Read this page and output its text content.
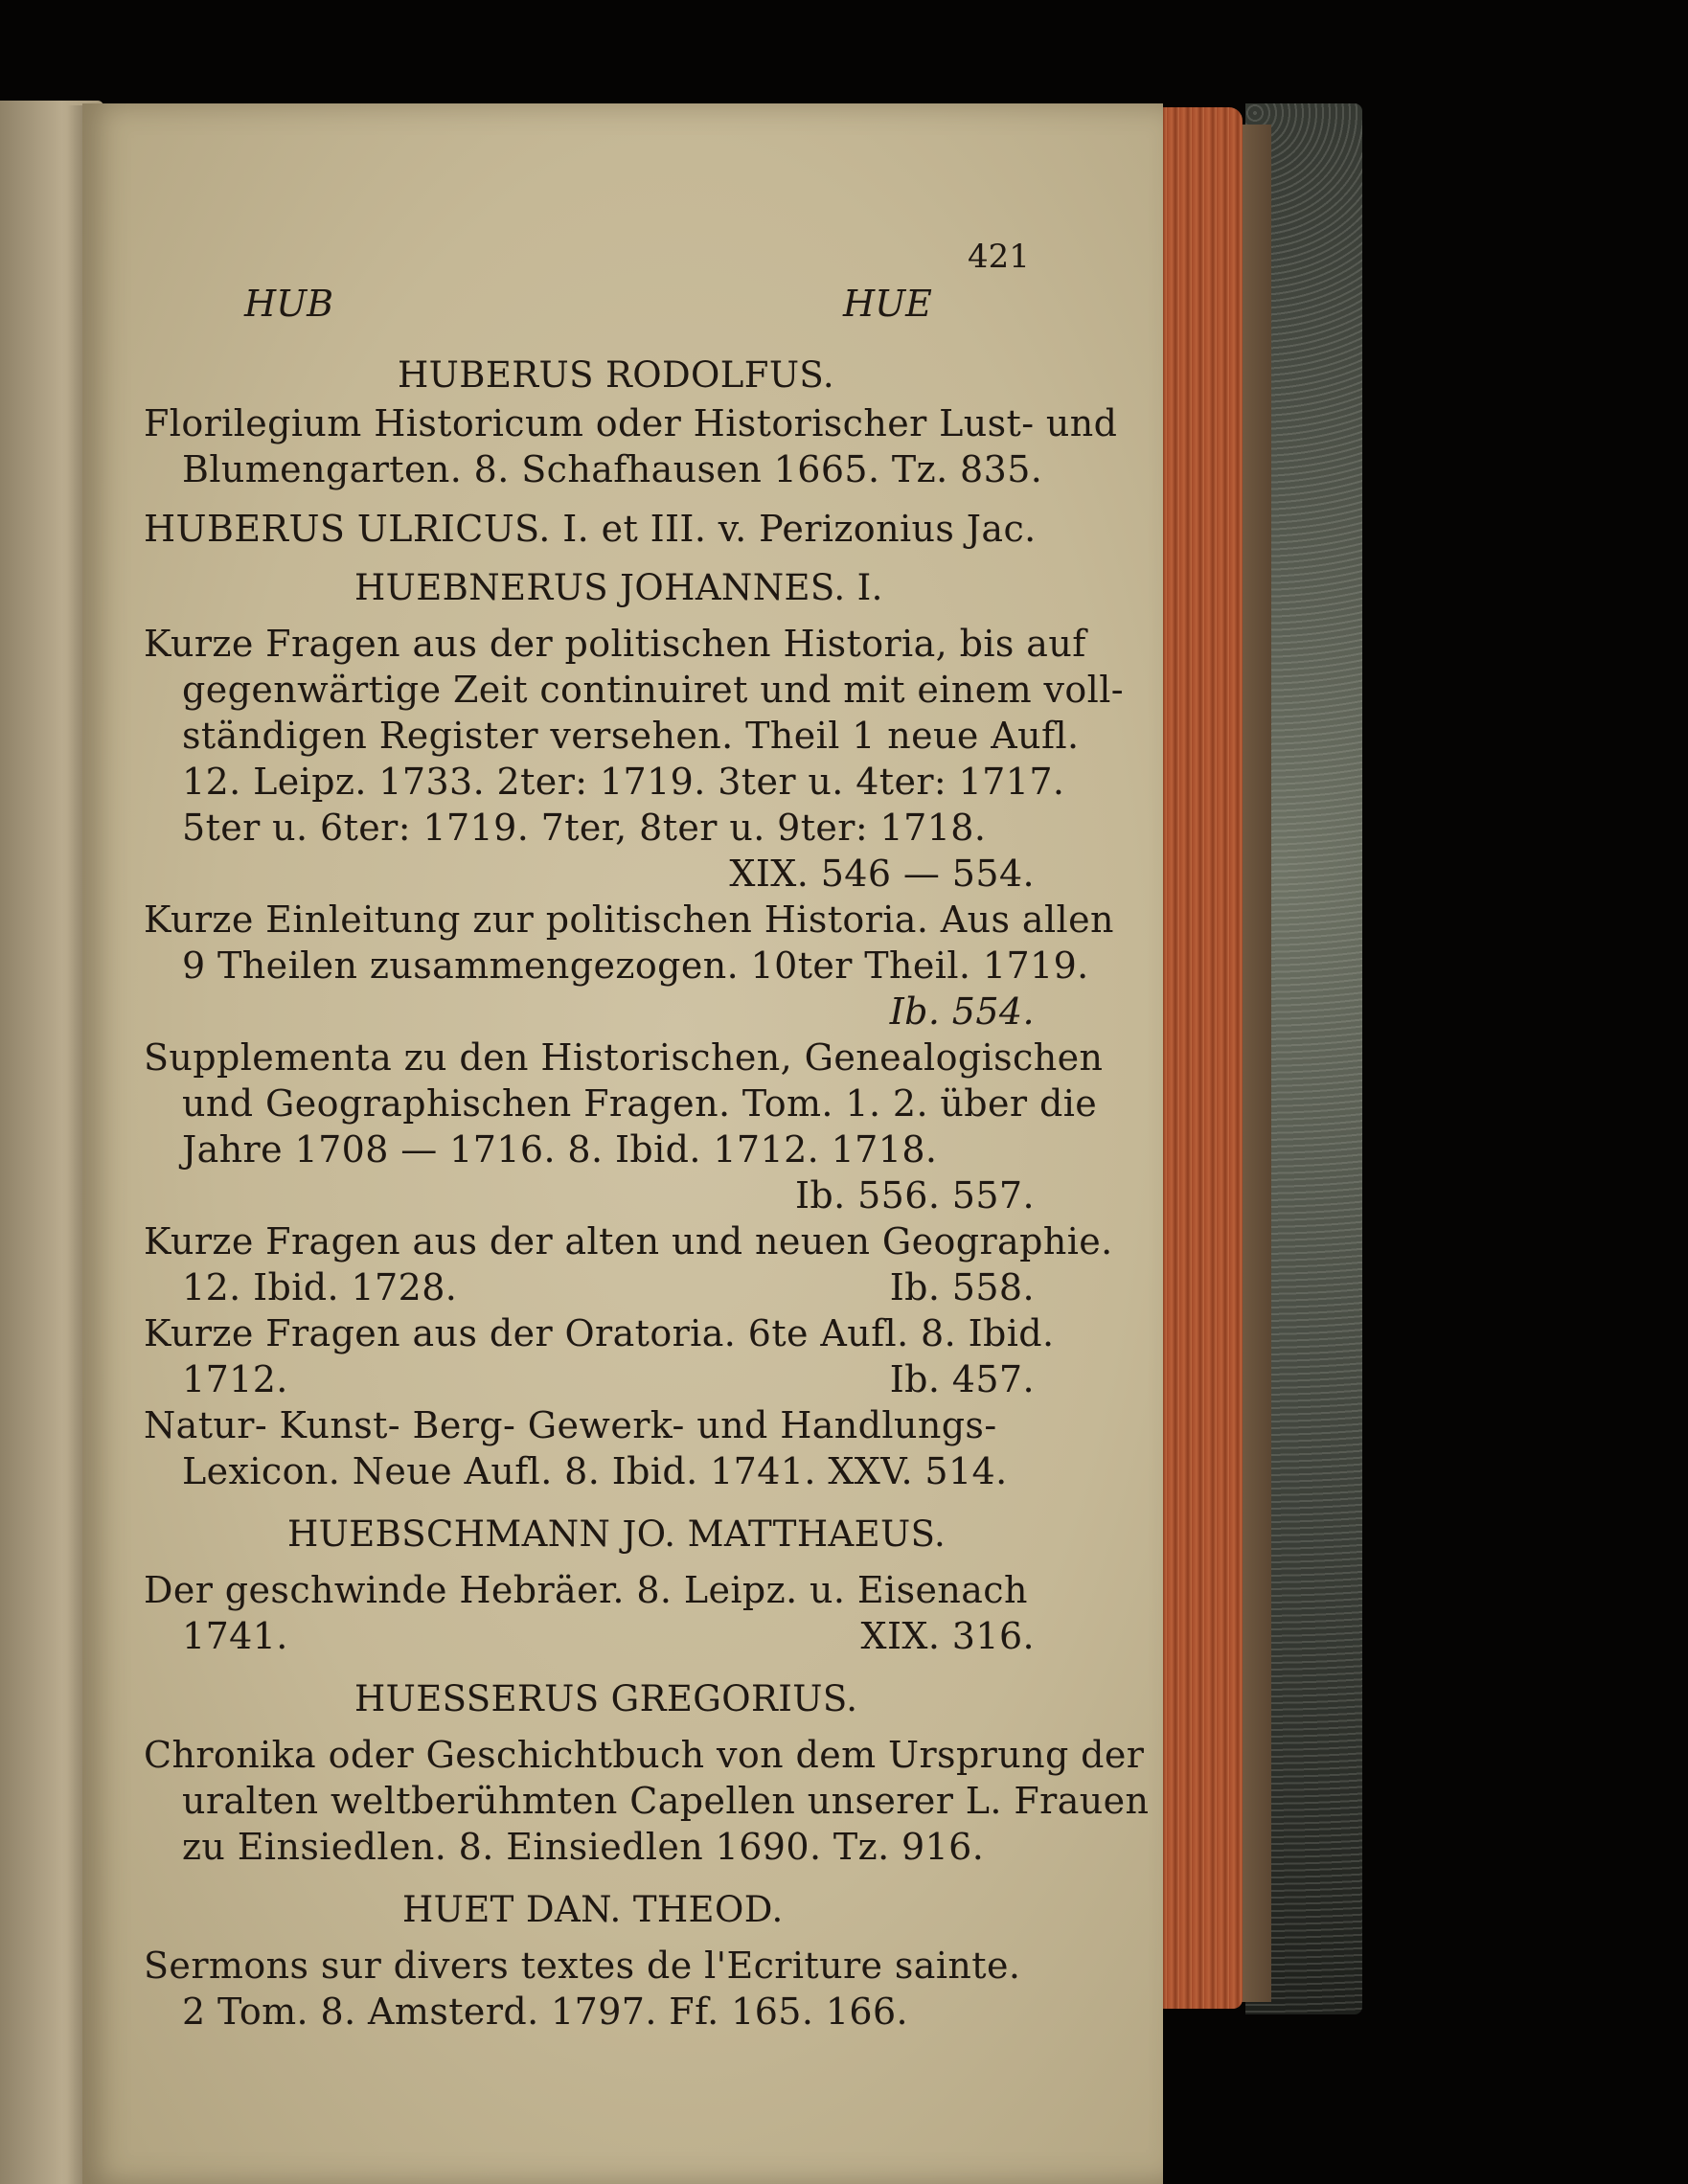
421
HUB	HUE
HUBERUS RODOLFUS.
Florilegium Historicum oder Historischer Lust- und
Blumengarten. 8. Schafhausen 1665. Tz. 835.
HUBERUS ULRICUS. I. et III. v. Perizonius Jac.
HUEBNERUS JOHANNES. I.
Kurze Fragen aus der politischen Historia, bis auf
gegenwärtige Zeit continuiret und mit einem voll-
ständigen Register versehen. Theil 1 neue Aufl.
12. Leipz. 1733. 2ter: 1719. 3ter u. 4ter: 1717.
5ter u. 6ter: 1719. 7ter, 8ter u. 9ter: 1718.
XIX. 546 — 554.
Kurze Einleitung zur politischen Historia. Aus allen
9 Theilen zusammengezogen. 10ter Theil. 1719.
Ib. 554.
Supplementa zu den Historischen, Genealogischen
und Geographischen Fragen. Tom. 1. 2. über die
Jahre 1708 — 1716. 8. Ibid. 1712. 1718.
Ib. 556. 557.
Kurze Fragen aus der alten und neuen Geographie.
12. Ibid. 1728.	Ib. 558.
Kurze Fragen aus der Oratoria. 6te Aufl. 8. Ibid.
1712.	Ib. 457.
Natur- Kunst- Berg- Gewerk- und Handlungs-
Lexicon. Neue Aufl. 8. Ibid. 1741. XXV. 514.
HUEBSCHMANN JO. MATTHAEUS.
Der geschwinde Hebräer. 8. Leipz. u. Eisenach
1741.	XIX. 316.
HUESSERUS GREGORIUS.
Chronika oder Geschichtbuch von dem Ursprung der
uralten weltberühmten Capellen unserer L. Frauen
zu Einsiedlen. 8. Einsiedlen 1690. Tz. 916.
HUET DAN. THEOD.
Sermons sur divers textes de l'Ecriture sainte.
2 Tom. 8. Amsterd. 1797. Ff. 165. 166.
